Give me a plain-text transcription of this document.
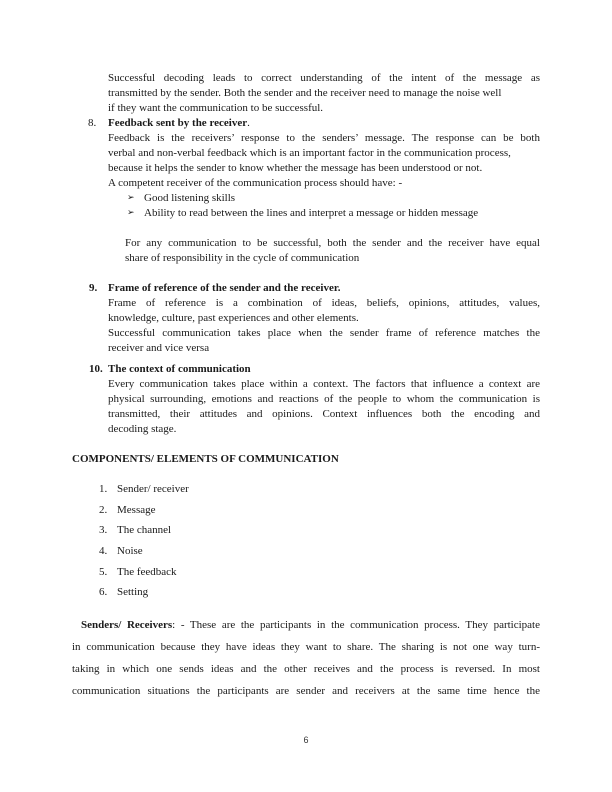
Successful decoding leads to correct understanding of the intent of the message as
transmitted by the sender. Both the sender and the receiver need to manage the noise well
if they want the communication to be successful.
8. Feedback sent by the receiver.
Feedback is the receivers’ response to the senders’ message. The response can be both
verbal and non-verbal feedback which is an important factor in the communication process,
because it helps the sender to know whether the message has been understood or not.
A competent receiver of the communication process should have: -
➢ Good listening skills
➢ Ability to read between the lines and interpret a message or hidden message
For any communication to be successful, both the sender and the receiver have equal
share of responsibility in the cycle of communication
9. Frame of reference of the sender and the receiver.
Frame of reference is a combination of ideas, beliefs, opinions, attitudes, values,
knowledge, culture, past experiences and other elements.
Successful communication takes place when the sender frame of reference matches the
receiver and vice versa
10. The context of communication
Every communication takes place within a context. The factors that influence a context are
physical surrounding, emotions and reactions of the people to whom the communication is
transmitted, their attitudes and opinions. Context influences both the encoding and
decoding stage.
COMPONENTS/ ELEMENTS OF COMMUNICATION
1. Sender/ receiver
2. Message
3. The channel
4. Noise
5. The feedback
6. Setting
Senders/ Receivers: - These are the participants in the communication process. They participate
in communication because they have ideas they want to share. The sharing is not one way turn-
taking in which one sends ideas and the other receives and the process is reversed. In most
communication situations the participants are sender and receivers at the same time hence the
6
